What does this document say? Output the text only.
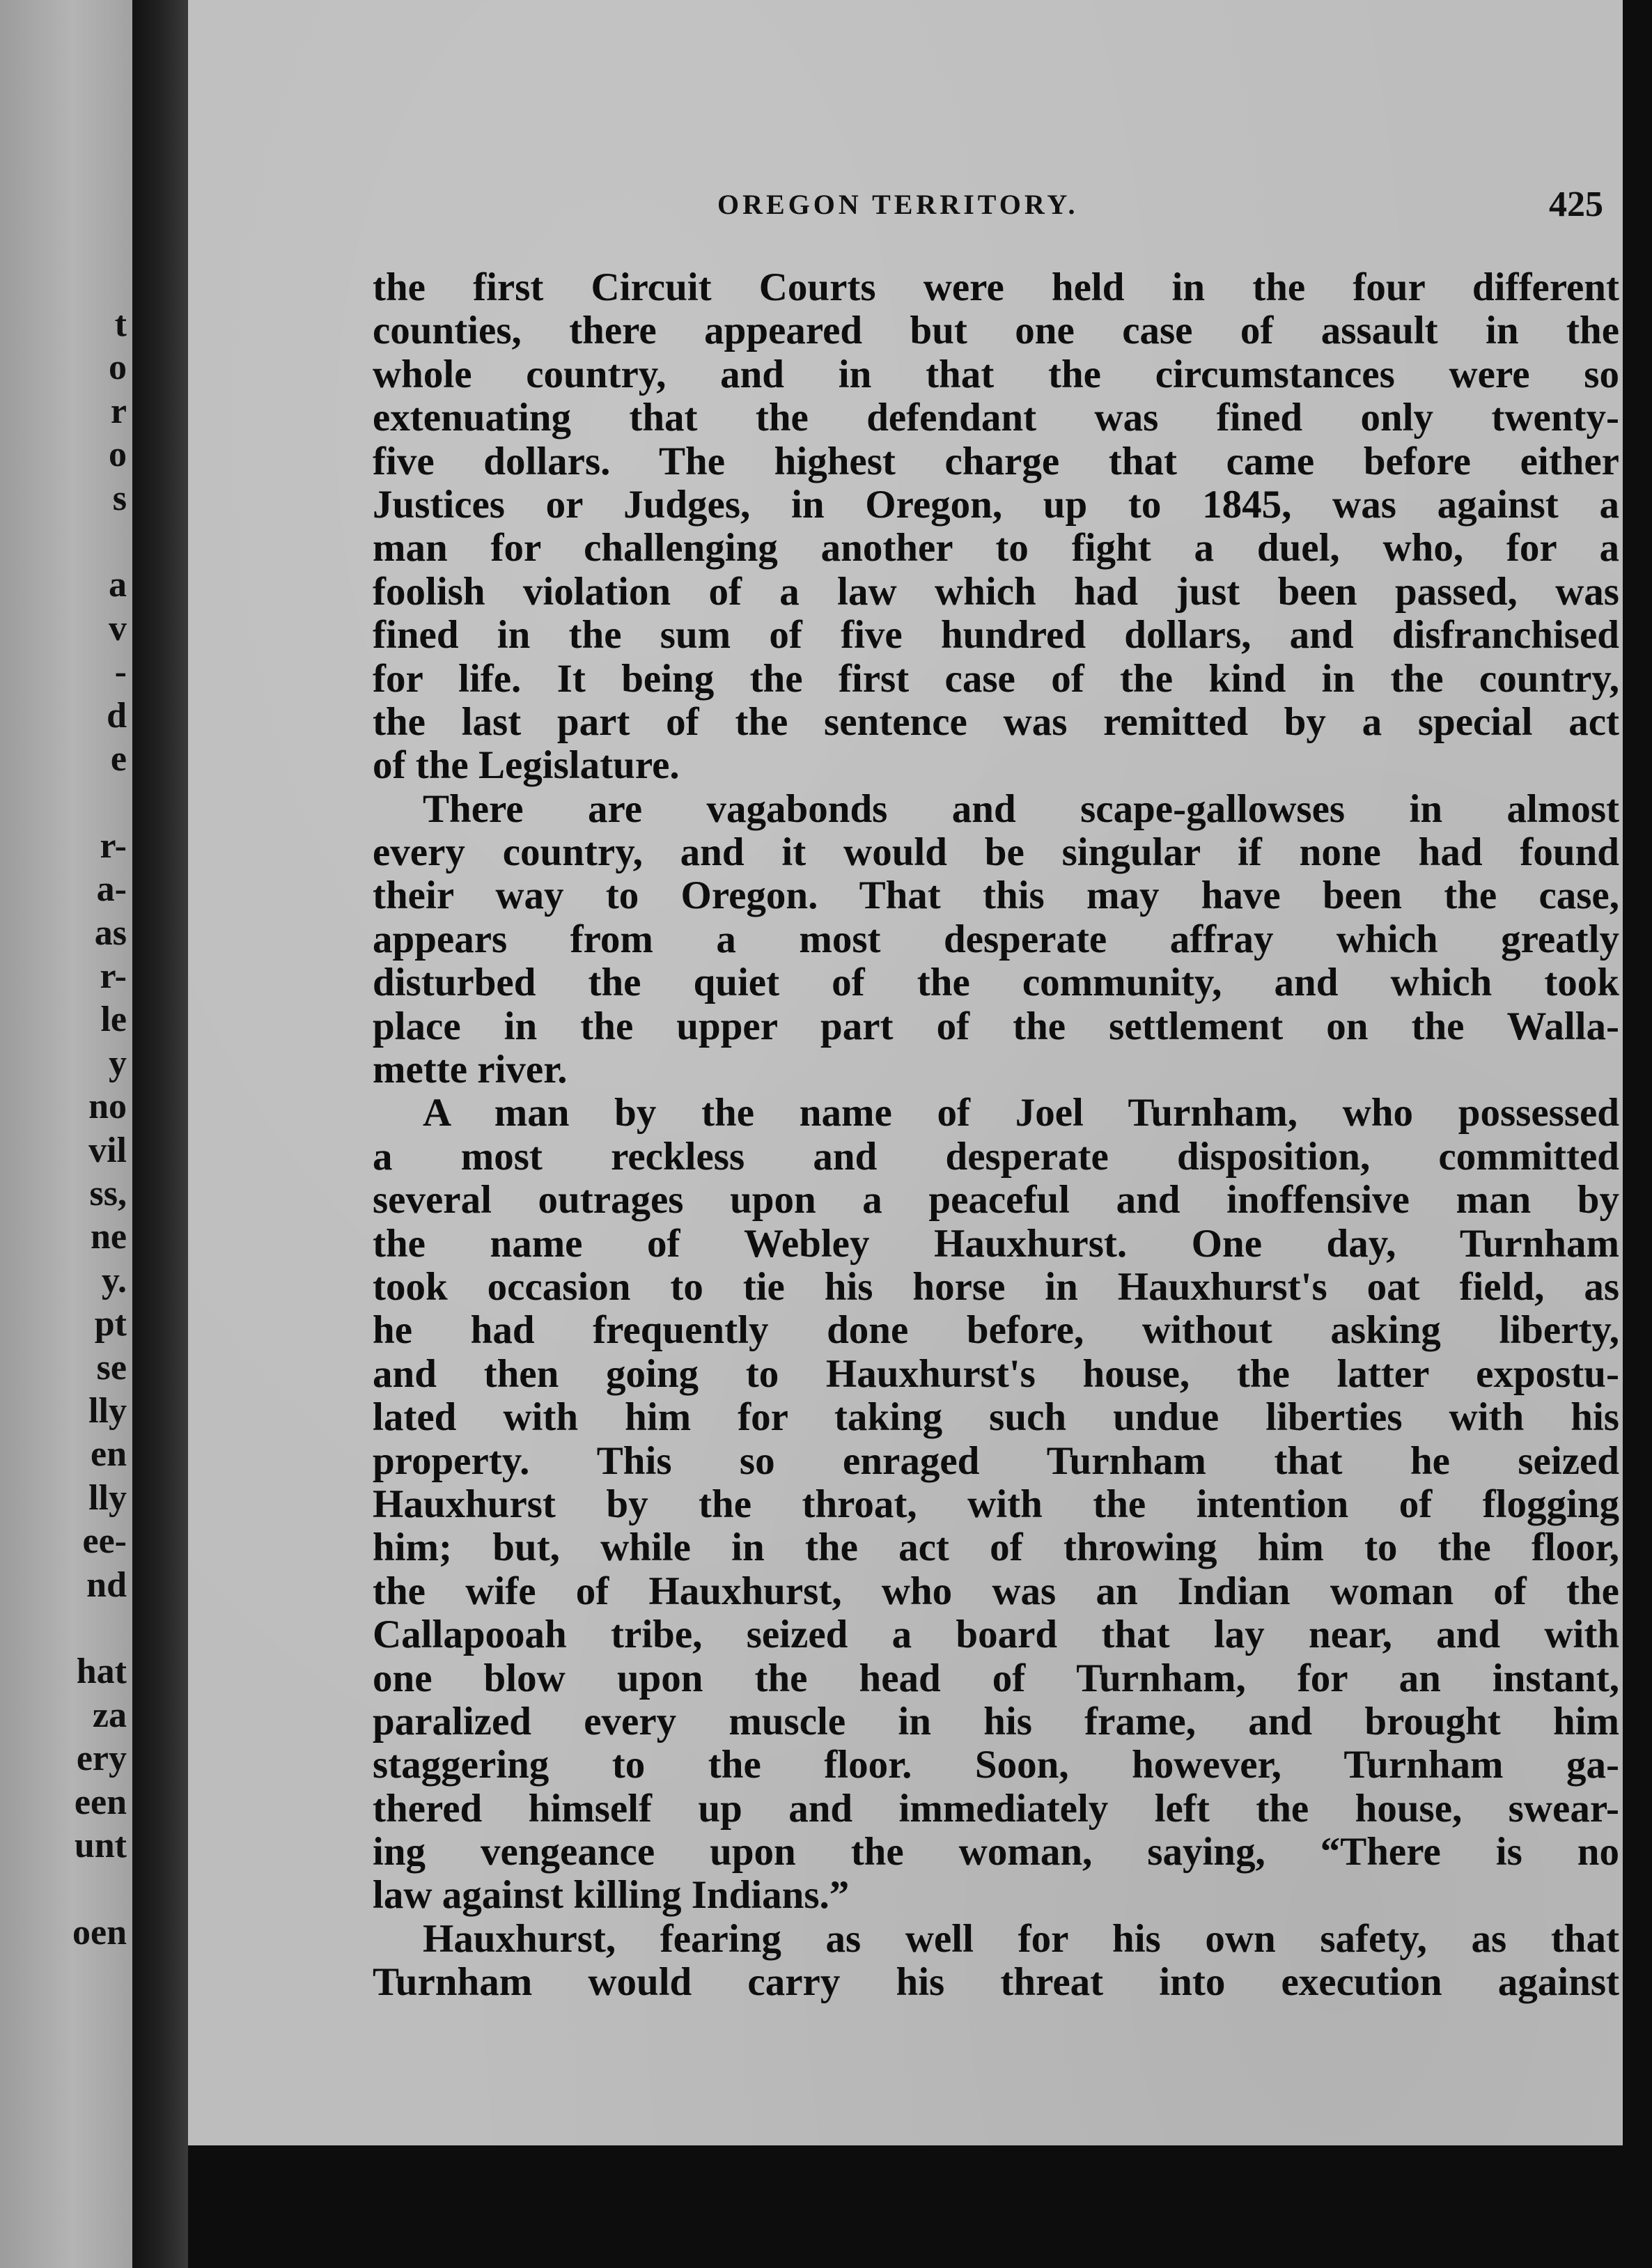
t
o
r
o
s
a
v
-
d
e
r-
a-
as
r-
le
y
no
vil
ss,
ne
y.
pt
se
lly
en
lly
ee-
nd
hat
za
ery
een
unt
oen
OREGON TERRITORY.	425
the first Circuit Courts were held in the four different
counties, there appeared but one case of assault in the
whole country, and in that the circumstances were so
extenuating that the defendant was fined only twenty-
five dollars. The highest charge that came before either
Justices or Judges, in Oregon, up to 1845, was against a
man for challenging another to fight a duel, who, for a
foolish violation of a law which had just been passed, was
fined in the sum of five hundred dollars, and disfranchised
for life. It being the first case of the kind in the country,
the last part of the sentence was remitted by a special act
of the Legislature.
There are vagabonds and scape-gallowses in almost
every country, and it would be singular if none had found
their way to Oregon. That this may have been the case,
appears from a most desperate affray which greatly
disturbed the quiet of the community, and which took
place in the upper part of the settlement on the Walla-
mette river.
A man by the name of Joel Turnham, who possessed
a most reckless and desperate disposition, committed
several outrages upon a peaceful and inoffensive man by
the name of Webley Hauxhurst. One day, Turnham
took occasion to tie his horse in Hauxhurst's oat field, as
he had frequently done before, without asking liberty,
and then going to Hauxhurst's house, the latter expostu-
lated with him for taking such undue liberties with his
property. This so enraged Turnham that he seized
Hauxhurst by the throat, with the intention of flogging
him; but, while in the act of throwing him to the floor,
the wife of Hauxhurst, who was an Indian woman of the
Callapooah tribe, seized a board that lay near, and with
one blow upon the head of Turnham, for an instant,
paralized every muscle in his frame, and brought him
staggering to the floor. Soon, however, Turnham ga-
thered himself up and immediately left the house, swear-
ing vengeance upon the woman, saying, “There is no
law against killing Indians.”
Hauxhurst, fearing as well for his own safety, as that
Turnham would carry his threat into execution against
